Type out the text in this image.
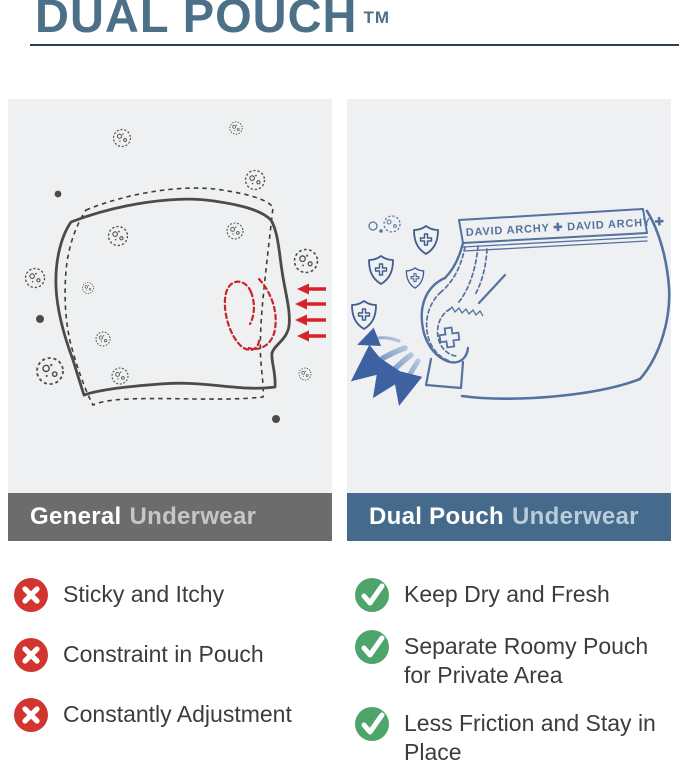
DUAL POUCH ™
General Underwear
DAVID ARCHY ✚ DAVID ARCHY ✚
Dual Pouch Underwear
Sticky and Itchy
Constraint in Pouch
Constantly Adjustment
Keep Dry and Fresh
Separate Roomy Pouch for Private Area
Less Friction and Stay in Place
